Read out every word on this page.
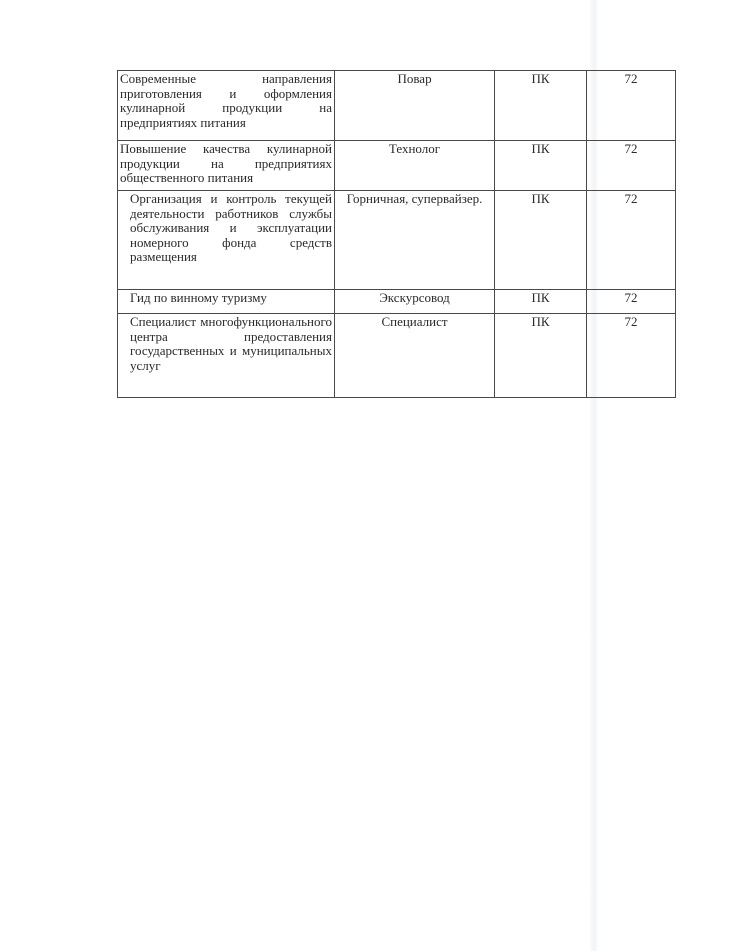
Современные направления приготовления и оформления кулинарной продукции на предприятиях питания	Повар	ПК	72

Повышение качества кулинарной продукции на предприятиях общественного питания	Технолог	ПК	72

Организация и контроль текущей деятельности работников службы обслуживания и эксплуатации номерного фонда средств размещения	Горничная, супервайзер.	ПК	72

Гид по винному туризму	Экскурсовод	ПК	72

Специалист многофункционального центра предоставления государственных и муниципальных услуг	Специалист	ПК	72
